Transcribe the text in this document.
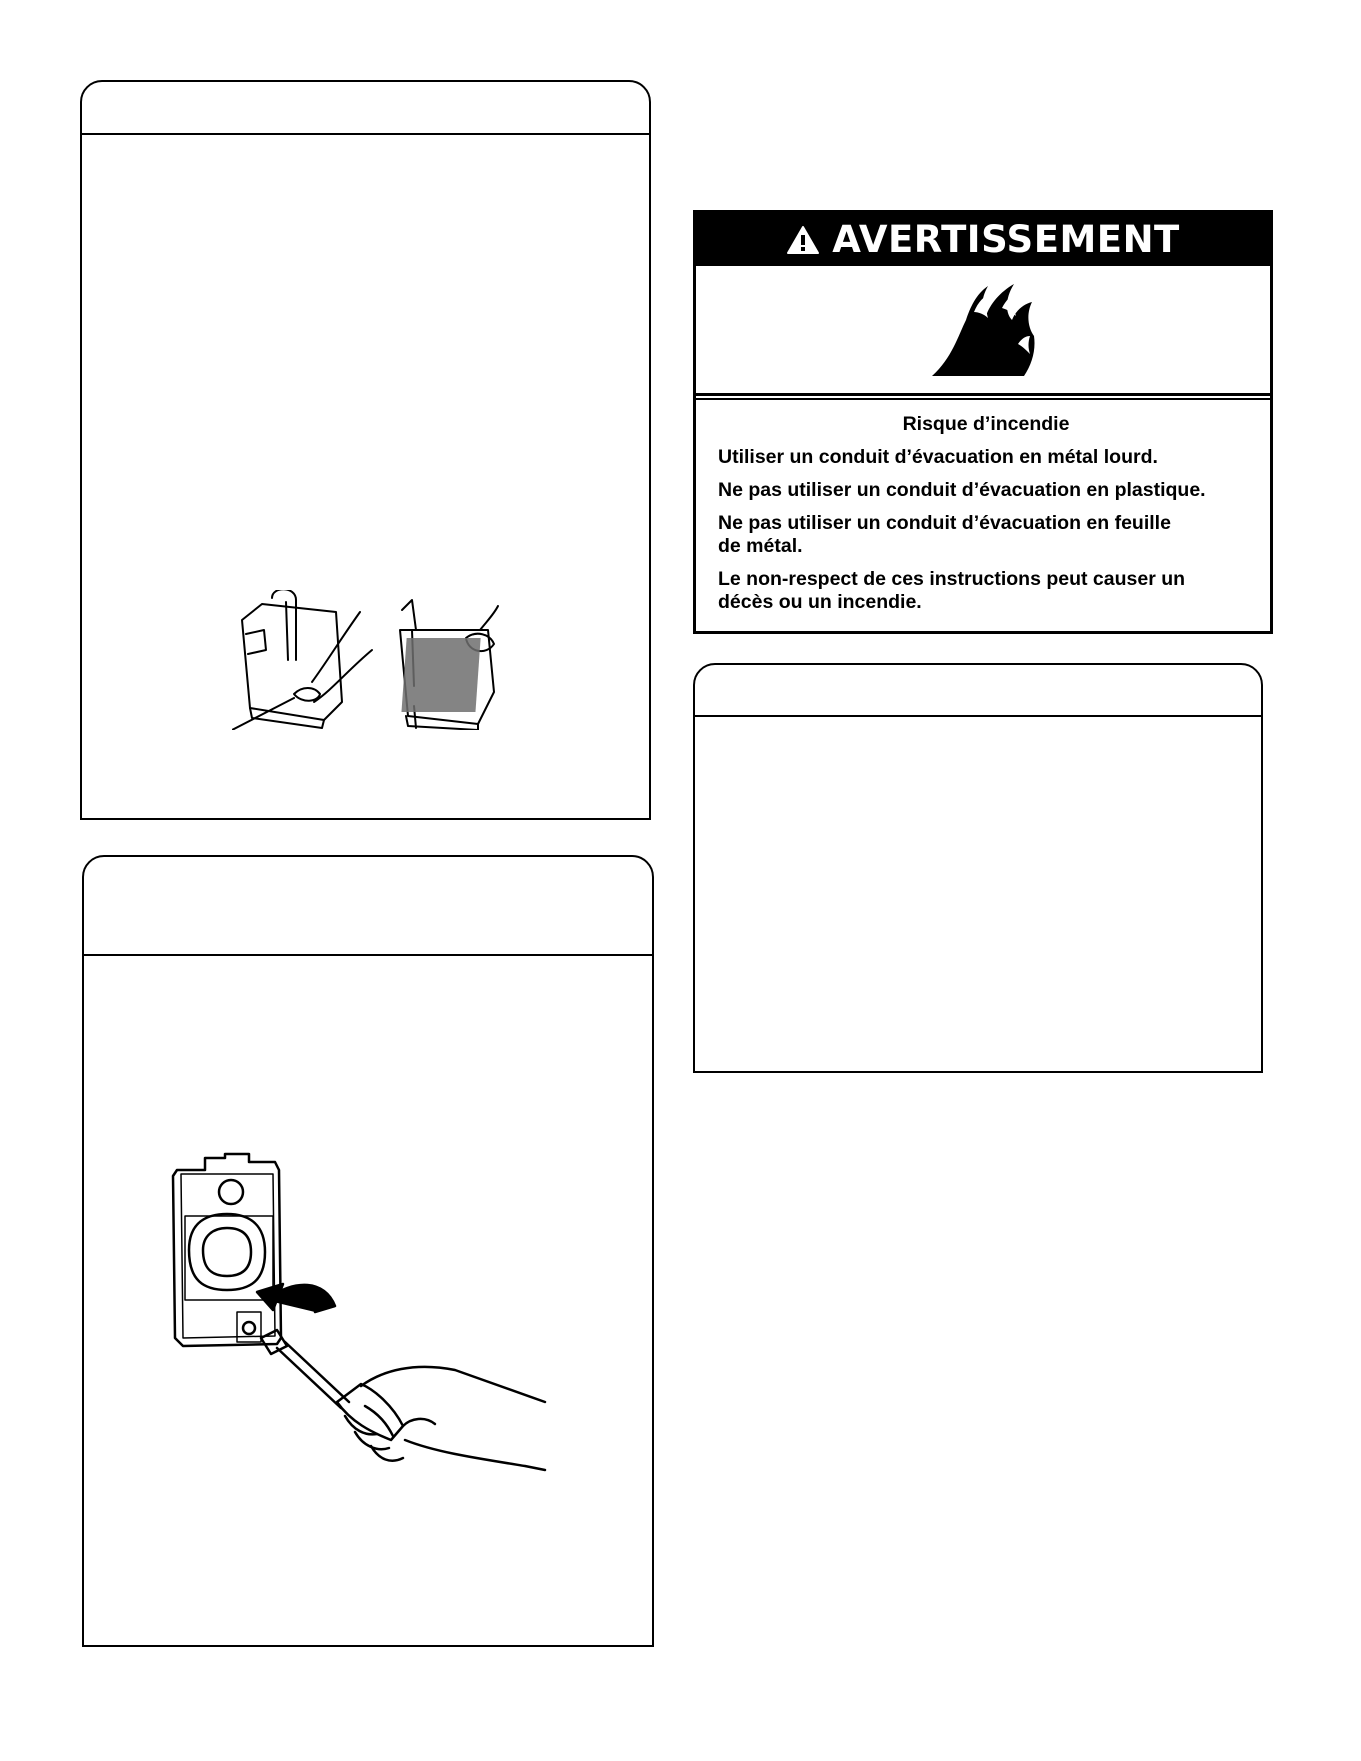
AVERTISSEMENT

Risque d’incendie

Utiliser un conduit d’évacuation en métal lourd.

Ne pas utiliser un conduit d’évacuation en plastique.

Ne pas utiliser un conduit d’évacuation en feuille de métal.

Le non-respect de ces instructions peut causer un décès ou un incendie.
